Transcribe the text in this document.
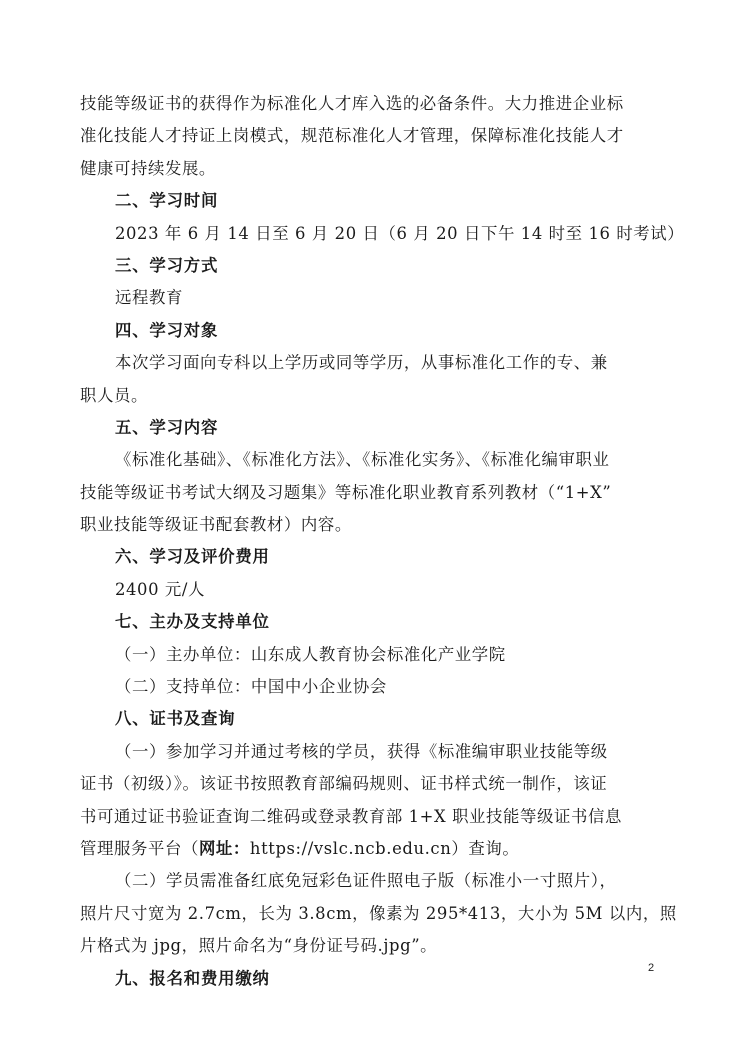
技能等级证书的获得作为标准化人才库入选的必备条件。大力推进企业标
准化技能人才持证上岗模式，规范标准化人才管理，保障标准化技能人才
健康可持续发展。
二、学习时间
2023 年 6 月 14 日至 6 月 20 日（6 月 20 日下午 14 时至 16 时考试）
三、学习方式
远程教育
四、学习对象
本次学习面向专科以上学历或同等学历，从事标准化工作的专、兼
职人员。
五、学习内容
《标准化基础》、《标准化方法》、《标准化实务》、《标准化编审职业
技能等级证书考试大纲及习题集》等标准化职业教育系列教材（“1+X”
职业技能等级证书配套教材）内容。
六、学习及评价费用
2400 元/人
七、主办及支持单位
（一）主办单位：山东成人教育协会标准化产业学院
（二）支持单位：中国中小企业协会
八、证书及查询
（一）参加学习并通过考核的学员，获得《标准编审职业技能等级
证书（初级）》。该证书按照教育部编码规则、证书样式统一制作，该证
书可通过证书验证查询二维码或登录教育部 1+X 职业技能等级证书信息
管理服务平台（网址：https://vslc.ncb.edu.cn）查询。
（二）学员需准备红底免冠彩色证件照电子版（标准小一寸照片），
照片尺寸宽为 2.7cm，长为 3.8cm，像素为 295*413，大小为 5M 以内，照
片格式为 jpg，照片命名为“身份证号码.jpg”。
九、报名和费用缴纳
2
